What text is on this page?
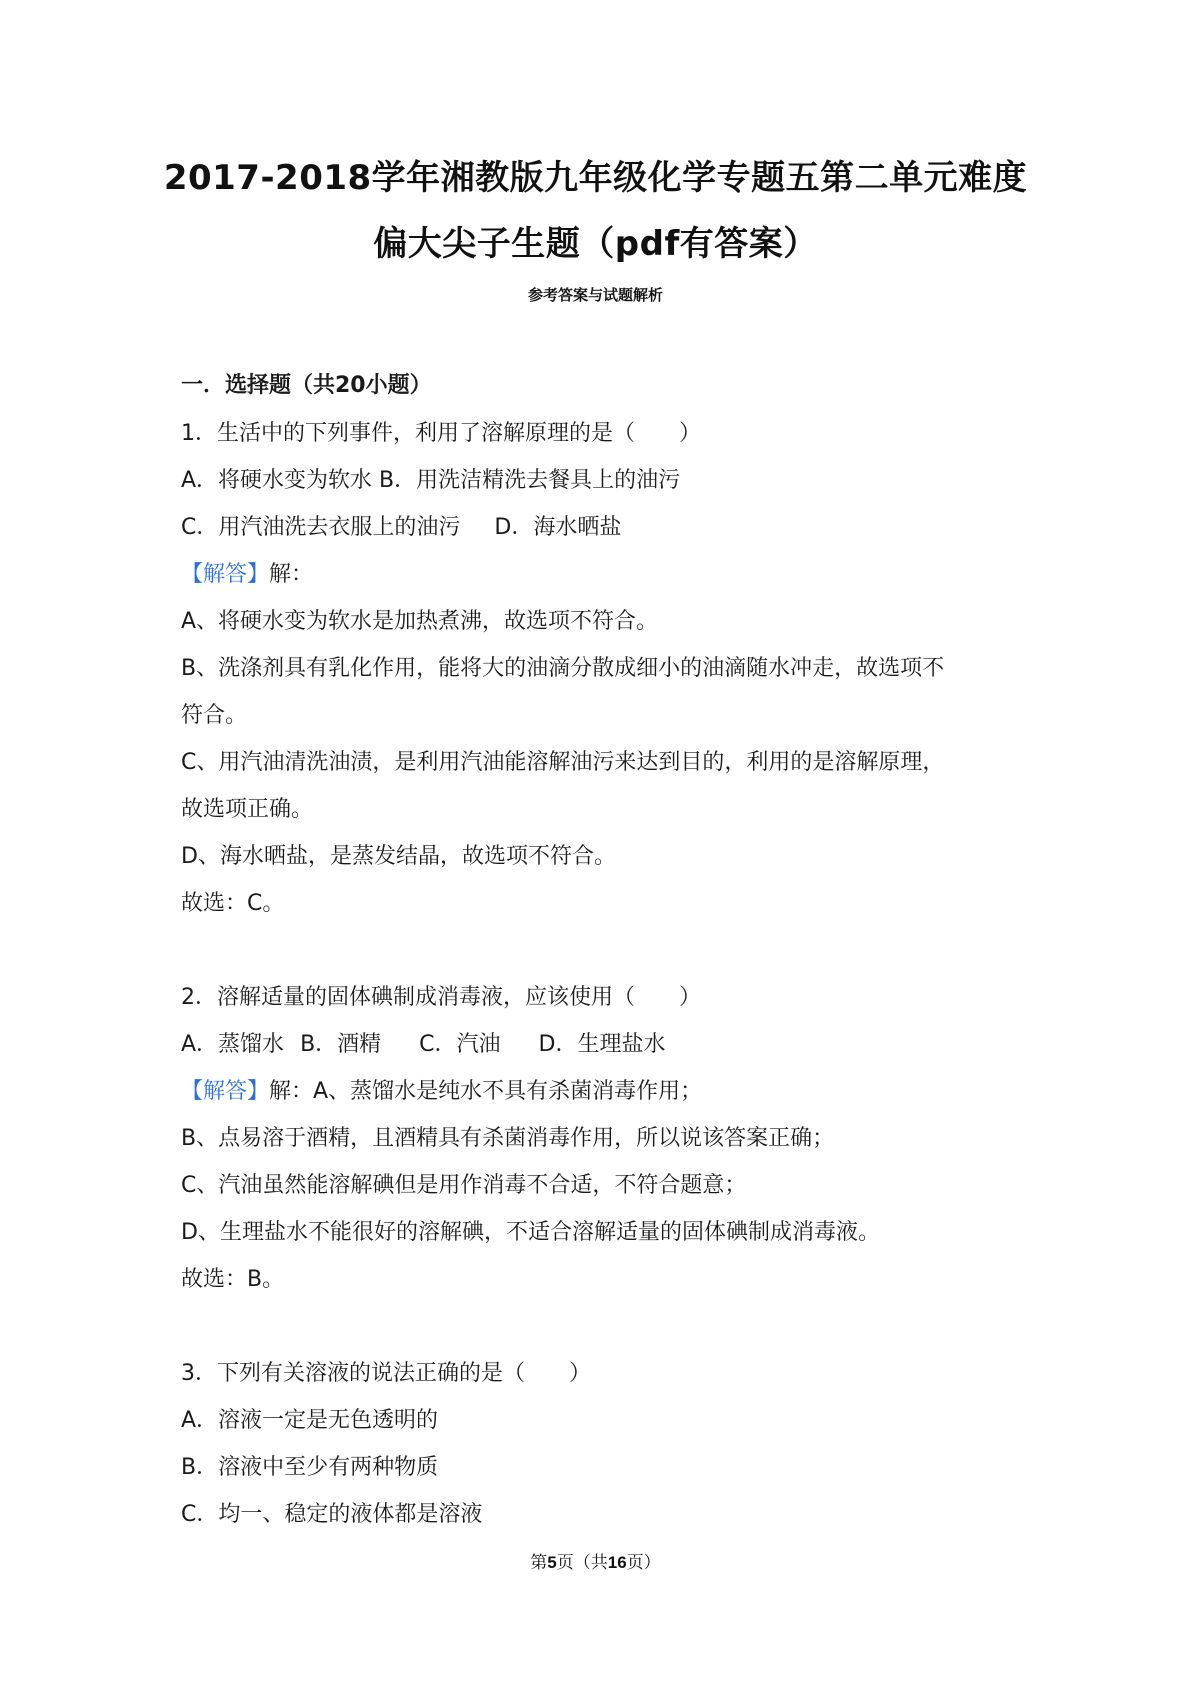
2017-2018学年湘教版九年级化学专题五第二单元难度
偏大尖子生题（pdf有答案）
参考答案与试题解析
一．选择题（共20小题）
1．生活中的下列事件，利用了溶解原理的是（　　）
A．将硬水变为软水 B．用洗洁精洗去餐具上的油污
C．用汽油洗去衣服上的油污 D．海水晒盐
【解答】解：
A、将硬水变为软水是加热煮沸，故选项不符合。
B、洗涤剂具有乳化作用，能将大的油滴分散成细小的油滴随水冲走，故选项不
符合。
C、用汽油清洗油渍，是利用汽油能溶解油污来达到目的，利用的是溶解原理，
故选项正确。
D、海水晒盐，是蒸发结晶，故选项不符合。
故选：C。
2．溶解适量的固体碘制成消毒液，应该使用（　　）
A．蒸馏水 B．酒精 C．汽油 D．生理盐水
【解答】解：A、蒸馏水是纯水不具有杀菌消毒作用；
B、点易溶于酒精，且酒精具有杀菌消毒作用，所以说该答案正确；
C、汽油虽然能溶解碘但是用作消毒不合适，不符合题意；
D、生理盐水不能很好的溶解碘，不适合溶解适量的固体碘制成消毒液。
故选：B。
3．下列有关溶液的说法正确的是（　　）
A．溶液一定是无色透明的
B．溶液中至少有两种物质
C．均一、稳定的液体都是溶液
第5页（共16页）
